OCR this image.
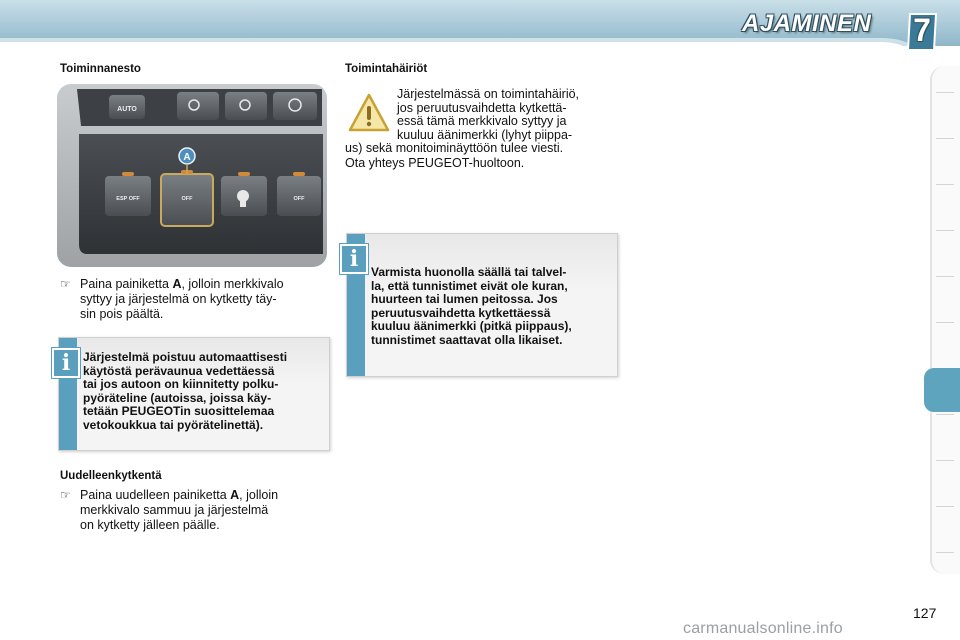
AJAMINEN 7
Toiminnanesto
AUTO
ESP OFF	OFF	OFF
A
☞ Paina painiketta A, jolloin merkkivalo
syttyy ja järjestelmä on kytketty täy-
sin pois päältä.
i	Järjestelmä poistuu automaattisesti
käytöstä perävaunua vedettäessä
tai jos autoon on kiinnitetty polku-
pyöräteline (autoissa, joissa käy-
tetään PEUGEOTin suosittelemaa
vetokoukkua tai pyörätelinettä).
Uudelleenkytkentä
☞ Paina uudelleen painiketta A, jolloin
merkkivalo sammuu ja järjestelmä
on kytketty jälleen päälle.
Toimintahäiriöt
Järjestelmässä on toimintahäiriö,
jos peruutusvaihdetta kytkettä-
essä tämä merkkivalo syttyy ja
kuuluu äänimerkki (lyhyt piippa-
us) sekä monitoiminäyttöön tulee viesti.
Ota yhteys PEUGEOT-huoltoon.
i	Varmista huonolla säällä tai talvel-
la, että tunnistimet eivät ole kuran,
huurteen tai lumen peitossa. Jos
peruutusvaihdetta kytkettäessä
kuuluu äänimerkki (pitkä piippaus),
tunnistimet saattavat olla likaiset.
127
carmanualsonline.info
